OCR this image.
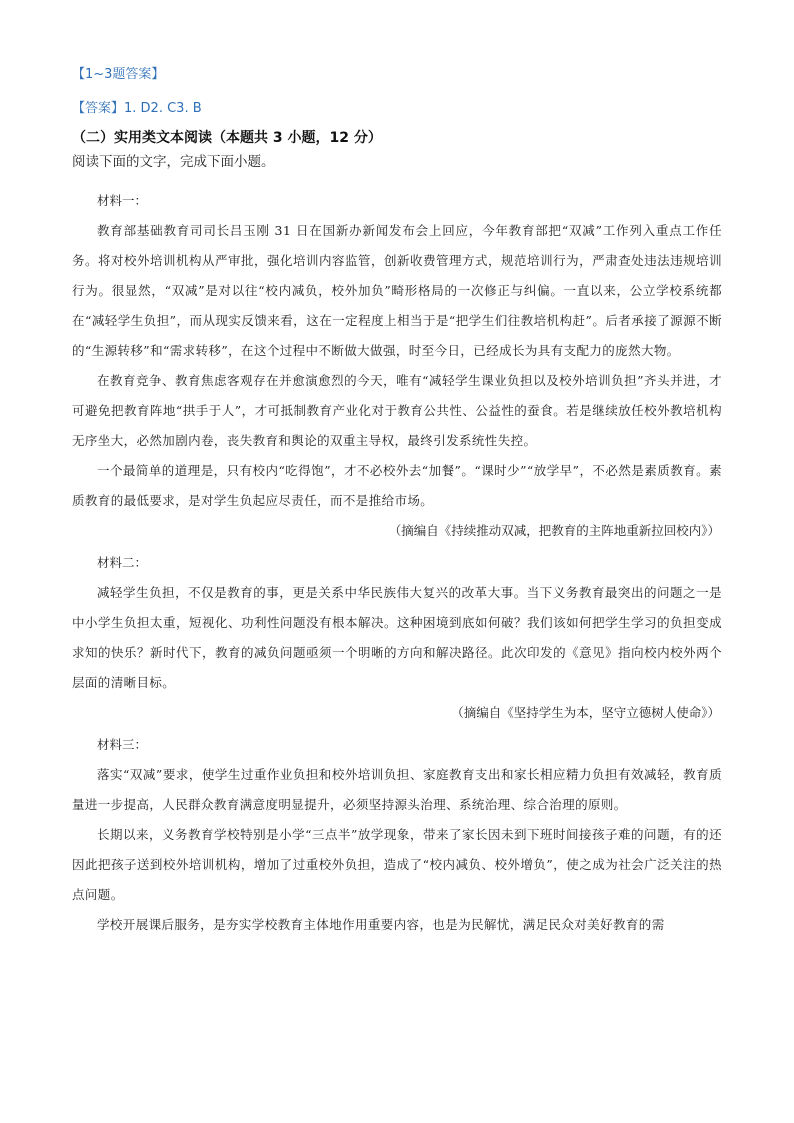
【1~3题答案】

【答案】1. D2. C3. B

（二）实用类文本阅读（本题共 3 小题，12 分）

阅读下面的文字，完成下面小题。

材料一：

教育部基础教育司司长吕玉刚 31 日在国新办新闻发布会上回应，今年教育部把“双减”工作列入重点工作任务。将对校外培训机构从严审批，强化培训内容监管，创新收费管理方式，规范培训行为，严肃查处违法违规培训行为。很显然，“双减”是对以往“校内减负，校外加负”畸形格局的一次修正与纠偏。一直以来，公立学校系统都在“减轻学生负担”，而从现实反馈来看，这在一定程度上相当于是“把学生们往教培机构赶”。后者承接了源源不断的“生源转移”和“需求转移”，在这个过程中不断做大做强，时至今日，已经成长为具有支配力的庞然大物。

在教育竞争、教育焦虑客观存在并愈演愈烈的今天，唯有“减轻学生课业负担以及校外培训负担”齐头并进，才可避免把教育阵地“拱手于人”，才可抵制教育产业化对于教育公共性、公益性的蚕食。若是继续放任校外教培机构无序坐大，必然加剧内卷，丧失教育和舆论的双重主导权，最终引发系统性失控。

一个最简单的道理是，只有校内“吃得饱”，才不必校外去“加餐”。“课时少”“放学早”，不必然是素质教育。素质教育的最低要求，是对学生负起应尽责任，而不是推给市场。

（摘编自《持续推动双减，把教育的主阵地重新拉回校内》）

材料二：

减轻学生负担，不仅是教育的事，更是关系中华民族伟大复兴的改革大事。当下义务教育最突出的问题之一是中小学生负担太重，短视化、功利性问题没有根本解决。这种困境到底如何破？我们该如何把学生学习的负担变成求知的快乐？新时代下，教育的减负问题亟须一个明晰的方向和解决路径。此次印发的《意见》指向校内校外两个层面的清晰目标。

（摘编自《坚持学生为本，坚守立德树人使命》）

材料三：

落实“双减”要求，使学生过重作业负担和校外培训负担、家庭教育支出和家长相应精力负担有效减轻，教育质量进一步提高，人民群众教育满意度明显提升，必须坚持源头治理、系统治理、综合治理的原则。

长期以来，义务教育学校特别是小学“三点半”放学现象，带来了家长因未到下班时间接孩子难的问题，有的还因此把孩子送到校外培训机构，增加了过重校外负担，造成了“校内减负、校外增负”，使之成为社会广泛关注的热点问题。

学校开展课后服务，是夯实学校教育主体地作用重要内容，也是为民解忧，满足民众对美好教育的需
